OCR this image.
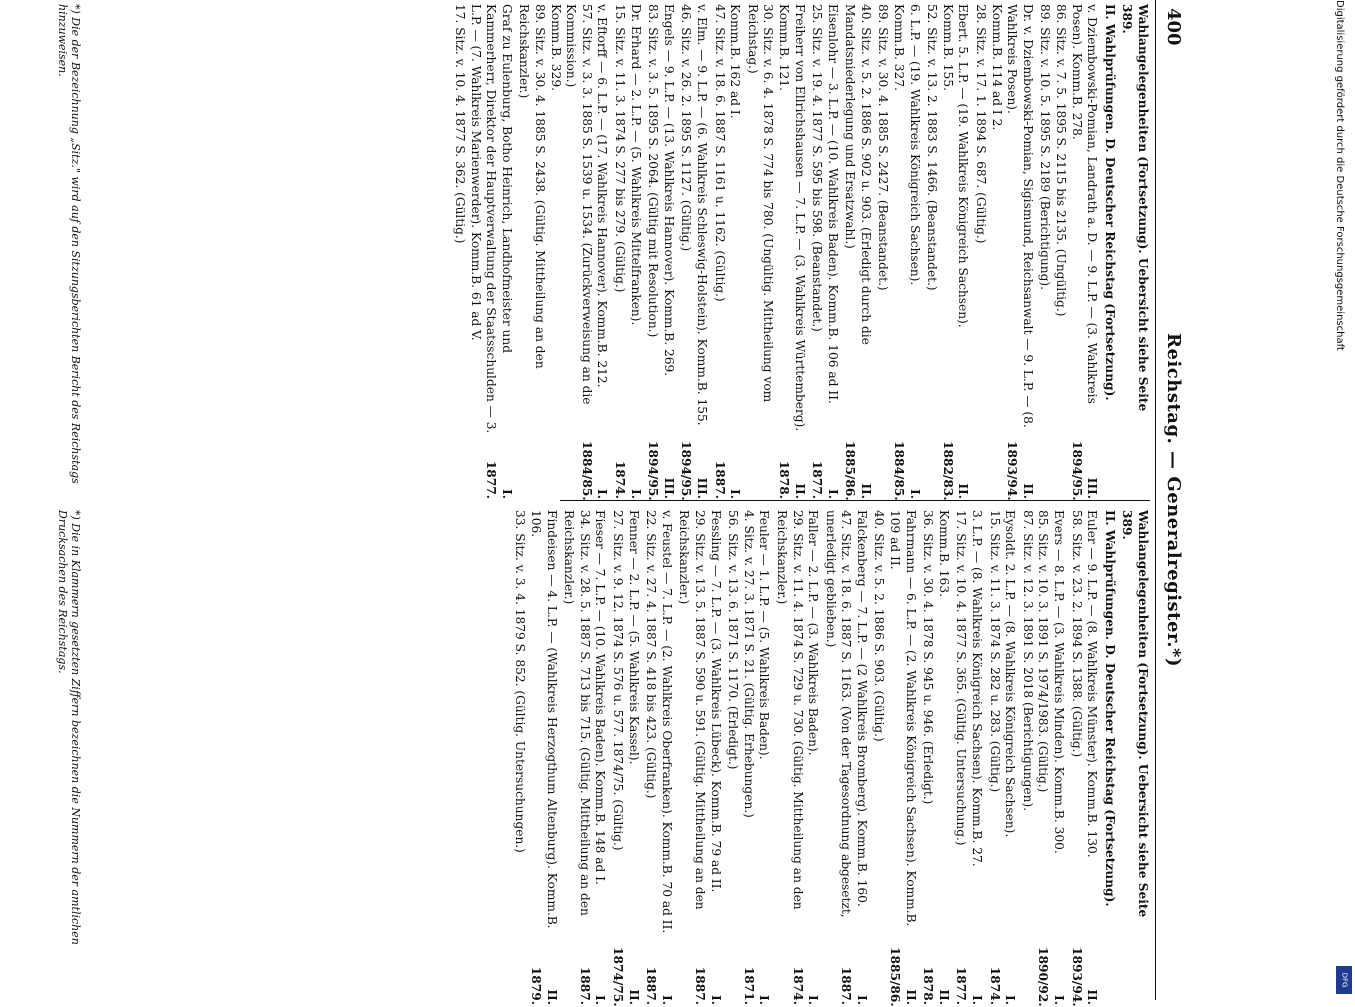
400
Reichstag. — Generalregister.*)
Wahlangelegenheiten (Fortsetzung). Uebersicht siehe Seite 389.
II. Wahlprüfungen. D. Deutscher Reichstag (Fortsetzung).
v. Dziembowski-Pomian, Landrath a. D. — 9. L.P. — (3. Wahlkreis Posen). Komm.B. 278.
86. Sitz. v. 7. 5. 1895 S. 2115 bis 2135. (Ungültig.)
89. Sitz. v. 10. 5. 1895 S. 2189 (Berichtigung).
III.
1894/95.
Dr. v. Dziembowski-Pomian, Sigismund, Reichsanwalt — 9. L.P. — (8. Wahlkreis Posen).
Komm.B. 114 ad I 2.
28. Sitz. v. 17. 1. 1894 S. 687. (Gültig.)
II.
1893/94.
Ebert. 5. L.P. — (19. Wahlkreis Königreich Sachsen).
Komm.B. 155.
52. Sitz. v. 13. 2. 1883 S. 1466. (Beanstandet.)
II.
1882/83.
6. L.P. — (19. Wahlkreis Königreich Sachsen).
Komm.B. 327.
89. Sitz. v. 30. 4. 1885 S. 2427. (Beanstandet.)
I.
1884/85.
40. Sitz. v. 5. 2. 1886 S. 902 u. 903. (Erledigt durch die Mandatsniederlegung und Ersatzwahl.)
II.
1885/86.
Eisenlohr — 3. L.P. — (10. Wahlkreis Baden). Komm.B. 106 ad II.
25. Sitz. v. 19. 4. 1877 S. 595 bis 598. (Beanstandet.)
I.
1877.
Freiherr von Ellrichshausen — 7. L.P. — (3. Wahlkreis Württemberg). Komm.B. 121.
30. Sitz. v. 6. 4. 1878 S. 774 bis 780. (Ungültig. Mittheilung vom Reichstag.)
II.
1878.
Komm.B. 162 ad I.
47. Sitz. v. 18. 6. 1887 S. 1161 u. 1162. (Gültig.)
I.
1887.
v. Elm. — 9. L.P. — (6. Wahlkreis Schleswig-Holstein). Komm.B. 155.
46. Sitz. v. 26. 2. 1895 S. 1127. (Gültig.)
III.
1894/95.
Engels — 9. L.P. — (13. Wahlkreis Hannover). Komm.B. 269.
83. Sitz. v. 3. 5. 1895 S. 2064. (Gültig mit Resolution.)
III.
1894/95.
Dr. Erhard — 2. L.P. — (5. Wahlkreis Mittelfranken).
15. Sitz. v. 11. 3. 1874 S. 277 bis 279. (Gültig.)
I.
1874.
v. Eftorff — 6. L.P. — (17. Wahlkreis Hannover). Komm.B. 212.
57. Sitz. v. 3. 3. 1885 S. 1539 u. 1534. (Zurückverweisung an die Kommission.)
Komm.B. 329.
89. Sitz. v. 30. 4. 1885 S. 2438. (Gültig. Mittheilung an den Reichskanzler.)
I.
1884/85.
Graf zu Eulenburg, Botho Heinrich, Landhofmeister und Kammerherr, Direktor der Hauptverwaltung der Staatsschulden — 3. L.P. — (7. Wahlkreis Marienwerder). Komm.B. 61 ad V.
17. Sitz. v. 10. 4. 1877 S. 362. (Gültig.)
I.
1877.
Wahlangelegenheiten (Fortsetzung). Uebersicht siehe Seite 389.
II. Wahlprüfungen. D. Deutscher Reichstag (Fortsetzung).
Euler — 9. L.P. — (8. Wahlkreis Münster). Komm.B. 130.
58. Sitz. v. 23. 2. 1894 S. 1388. (Gültig.)
II.
1893/94.
Evers — 8. L.P. — (3. Wahlkreis Minden). Komm.B. 300.
85. Sitz. v. 10. 3. 1891 S. 1974/1983. (Gültig.)
87. Sitz. v. 12. 3. 1891 S. 2018 (Berichtigungen).
I.
1890/92.
Eysoldt. 2. L.P. — (8. Wahlkreis Königreich Sachsen).
15. Sitz. v. 11. 3. 1874 S. 282 u. 283. (Gültig.)
I.
1874.
3. L.P. — (8. Wahlkreis Königreich Sachsen). Komm.B. 27.
17. Sitz. v. 10. 4. 1877 S. 365. (Gültig. Untersuchung.)
I.
1877.
Komm.B. 163.
36. Sitz. v. 30. 4. 1878 S. 945 u. 946. (Erledigt.)
II.
1878.
Fahrmann — 6. L.P. — (2. Wahlkreis Königreich Sachsen). Komm.B. 109 ad II.
40. Sitz. v. 5. 2. 1886 S. 903. (Gültig.)
II.
1885/86.
Falckenberg — 7. L.P. — (2 Wahlkreis Bromberg). Komm.B. 160.
47. Sitz. v. 18. 6. 1887 S. 1163. (Von der Tagesordnung abgesetzt, unerledigt geblieben.)
I.
1887.
Faller — 2. L.P. — (3. Wahlkreis Baden).
29. Sitz. v. 11. 4. 1874 S. 729 u. 730. (Gültig. Mittheilung an den Reichskanzler.)
I.
1874.
Feuler — 1. L.P. — (5. Wahlkreis Baden).
4. Sitz. v. 27. 3. 1871 S. 21. (Gültig. Erhebungen.)
56. Sitz. v. 13. 6. 1871 S. 1170. (Erledigt.)
I.
1871.
Fessling — 7. L.P. — (3. Wahlkreis Lübeck). Komm.B. 79 ad II.
29. Sitz. v. 13. 5. 1887 S. 590 u. 591. (Gültig. Mittheilung an den Reichskanzler.)
I.
1887.
v. Feustel — 7. L.P. — (2. Wahlkreis Oberfranken). Komm.B. 70 ad II.
22. Sitz. v. 27. 4. 1887 S. 418 bis 423. (Gültig.)
I.
1887.
Fenner — 2. L.P. — (5. Wahlkreis Kassel).
27. Sitz. v. 9. 12. 1874 S. 576 u. 577. 1874/75. (Gültig.)
II.
1874/75.
Fieser — 7. L.P. — (10. Wahlkreis Baden). Komm.B. 148 ad I.
34. Sitz. v. 28. 5. 1887 S. 713 bis 715. (Gültig. Mittheilung an den Reichskanzler.)
I.
1887.
Findeisen — 4. L.P. — (Wahlkreis Herzogthum Altenburg). Komm.B. 106.
33. Sitz. v. 3. 4. 1879 S. 852. (Gültig. Untersuchungen.)
II.
1879.
*) Die der Bezeichnung „Sitz." wird auf den Sitzungsberichten Bericht des Reichstags hinzuweisen.
*) Die in Klammern gesetzten Ziffern bezeichnen die Nummern der amtlichen Drucksachen des Reichstags.
Digitalisierung gefördert durch die Deutsche Forschungsgemeinschaft
DFG
